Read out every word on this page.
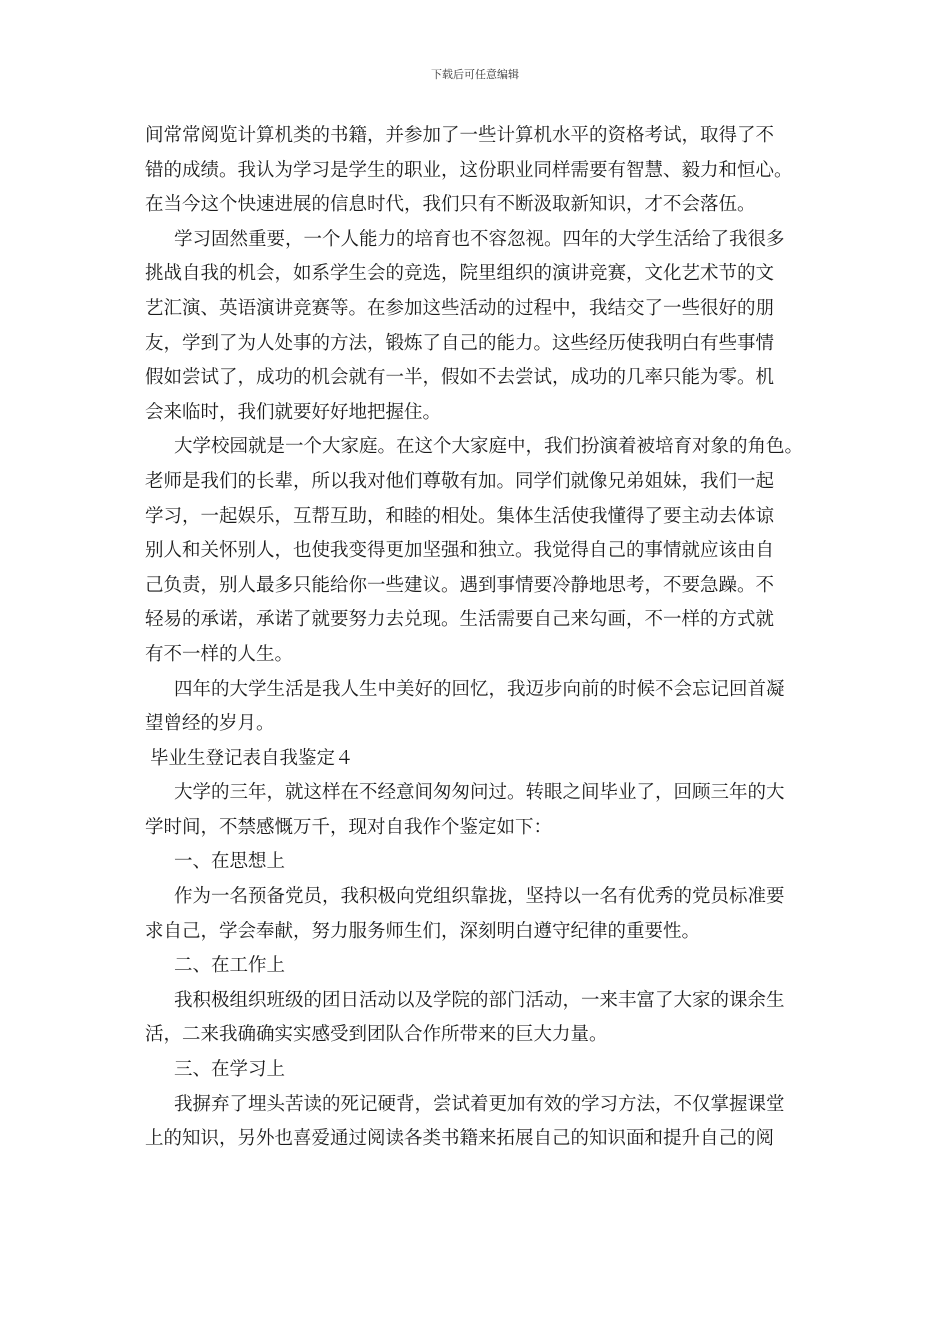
下载后可任意编辑
间常常阅览计算机类的书籍，并参加了一些计算机水平的资格考试，取得了不
错的成绩。我认为学习是学生的职业，这份职业同样需要有智慧、毅力和恒心。
在当今这个快速进展的信息时代，我们只有不断汲取新知识，才不会落伍。
学习固然重要，一个人能力的培育也不容忽视。四年的大学生活给了我很多
挑战自我的机会，如系学生会的竞选，院里组织的演讲竞赛，文化艺术节的文
艺汇演、英语演讲竞赛等。在参加这些活动的过程中，我结交了一些很好的朋
友，学到了为人处事的方法，锻炼了自己的能力。这些经历使我明白有些事情
假如尝试了，成功的机会就有一半，假如不去尝试，成功的几率只能为零。机
会来临时，我们就要好好地把握住。
大学校园就是一个大家庭。在这个大家庭中，我们扮演着被培育对象的角色。
老师是我们的长辈，所以我对他们尊敬有加。同学们就像兄弟姐妹，我们一起
学习，一起娱乐，互帮互助，和睦的相处。集体生活使我懂得了要主动去体谅
别人和关怀别人，也使我变得更加坚强和独立。我觉得自己的事情就应该由自
己负责，别人最多只能给你一些建议。遇到事情要冷静地思考，不要急躁。不
轻易的承诺，承诺了就要努力去兑现。生活需要自己来勾画，不一样的方式就
有不一样的人生。
四年的大学生活是我人生中美好的回忆，我迈步向前的时候不会忘记回首凝
望曾经的岁月。
毕业生登记表自我鉴定４
大学的三年，就这样在不经意间匆匆问过。转眼之间毕业了，回顾三年的大
学时间，不禁感慨万千，现对自我作个鉴定如下：
一、在思想上
作为一名预备党员，我积极向党组织靠拢，坚持以一名有优秀的党员标准要
求自己，学会奉献，努力服务师生们，深刻明白遵守纪律的重要性。
二、在工作上
我积极组织班级的团日活动以及学院的部门活动，一来丰富了大家的课余生
活，二来我确确实实感受到团队合作所带来的巨大力量。
三、在学习上
我摒弃了埋头苦读的死记硬背，尝试着更加有效的学习方法，不仅掌握课堂
上的知识，另外也喜爱通过阅读各类书籍来拓展自己的知识面和提升自己的阅
